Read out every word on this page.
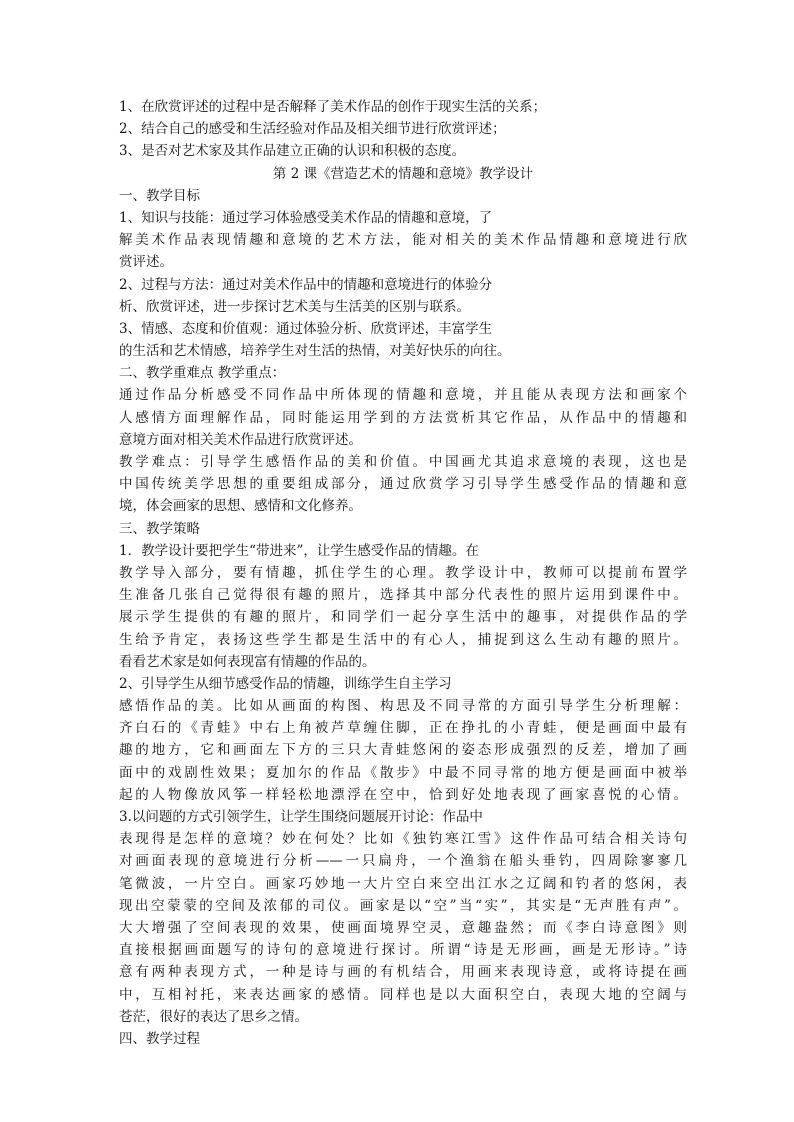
1、在欣赏评述的过程中是否解释了美术作品的创作于现实生活的关系；
2、结合自己的感受和生活经验对作品及相关细节进行欣赏评述；
3、是否对艺术家及其作品建立正确的认识和积极的态度。
第 2 课《营造艺术的情趣和意境》教学设计
一、教学目标
1、知识与技能：通过学习体验感受美术作品的情趣和意境，了
解美术作品表现情趣和意境的艺术方法，能对相关的美术作品情趣和意境进行欣
赏评述。
2、过程与方法：通过对美术作品中的情趣和意境进行的体验分
析、欣赏评述，进一步探讨艺术美与生活美的区别与联系。
3、情感、态度和价值观：通过体验分析、欣赏评述，丰富学生
的生活和艺术情感，培养学生对生活的热情，对美好快乐的向往。
二、教学重难点 教学重点：
通过作品分析感受不同作品中所体现的情趣和意境，并且能从表现方法和画家个
人感情方面理解作品，同时能运用学到的方法赏析其它作品，从作品中的情趣和
意境方面对相关美术作品进行欣赏评述。
教学难点：引导学生感悟作品的美和价值。中国画尤其追求意境的表现，这也是
中国传统美学思想的重要组成部分，通过欣赏学习引导学生感受作品的情趣和意
境，体会画家的思想、感情和文化修养。
三、教学策略
1．教学设计要把学生“带进来”，让学生感受作品的情趣。在
教学导入部分，要有情趣，抓住学生的心理。教学设计中，教师可以提前布置学
生准备几张自己觉得很有趣的照片，选择其中部分代表性的照片运用到课件中。
展示学生提供的有趣的照片，和同学们一起分享生活中的趣事，对提供作品的学
生给予肯定，表扬这些学生都是生活中的有心人，捕捉到这么生动有趣的照片。
看看艺术家是如何表现富有情趣的作品的。
2、引导学生从细节感受作品的情趣，训练学生自主学习
感悟作品的美。比如从画面的构图、构思及不同寻常的方面引导学生分析理解：
齐白石的《青蛙》中右上角被芦草缠住脚，正在挣扎的小青蛙，便是画面中最有
趣的地方，它和画面左下方的三只大青蛙悠闲的姿态形成强烈的反差，增加了画
面中的戏剧性效果；夏加尔的作品《散步》中最不同寻常的地方便是画面中被举
起的人物像放风筝一样轻松地漂浮在空中，恰到好处地表现了画家喜悦的心情。
3.以问题的方式引领学生，让学生围绕问题展开讨论：作品中
表现得是怎样的意境？妙在何处？比如《独钓寒江雪》这件作品可结合相关诗句
对画面表现的意境进行分析——一只扁舟，一个渔翁在船头垂钓，四周除寥寥几
笔微波，一片空白。画家巧妙地一大片空白来空出江水之辽阔和钓者的悠闲，表
现出空蒙蒙的空间及浓郁的司仪。画家是以“空”当“实”，其实是“无声胜有声”。
大大增强了空间表现的效果，使画面境界空灵，意趣盎然；而《李白诗意图》则
直接根据画面题写的诗句的意境进行探讨。所谓“诗是无形画，画是无形诗。”诗
意有两种表现方式，一种是诗与画的有机结合，用画来表现诗意，或将诗提在画
中，互相衬托，来表达画家的感情。同样也是以大面积空白，表现大地的空阔与
苍茫，很好的表达了思乡之情。
四、教学过程
